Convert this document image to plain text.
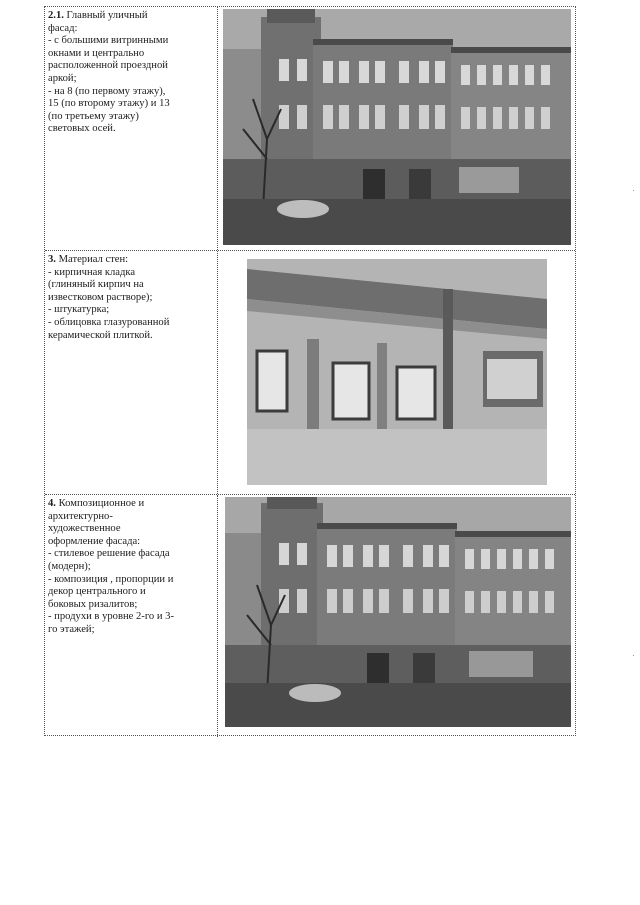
2.1. Главный уличный
фасад:
- с большими витринными
окнами и центрально
расположенной проездной
аркой;
- на 8 (по первому этажу),
15 (по второму этажу) и 13
(по третьему этажу)
световых осей.
3. Материал стен:
- кирпичная кладка
(глиняный кирпич на
известковом растворе);
- штукатурка;
- облицовка глазурованной
керамической плиткой.
4. Композиционное и
архитектурно-
художественное
оформление фасада:
- стилевое решение фасада
(модерн);
- композиция , пропорции и
декор центрального и
боковых ризалитов;
- продухи в уровне 2-го и 3-
го этажей;
